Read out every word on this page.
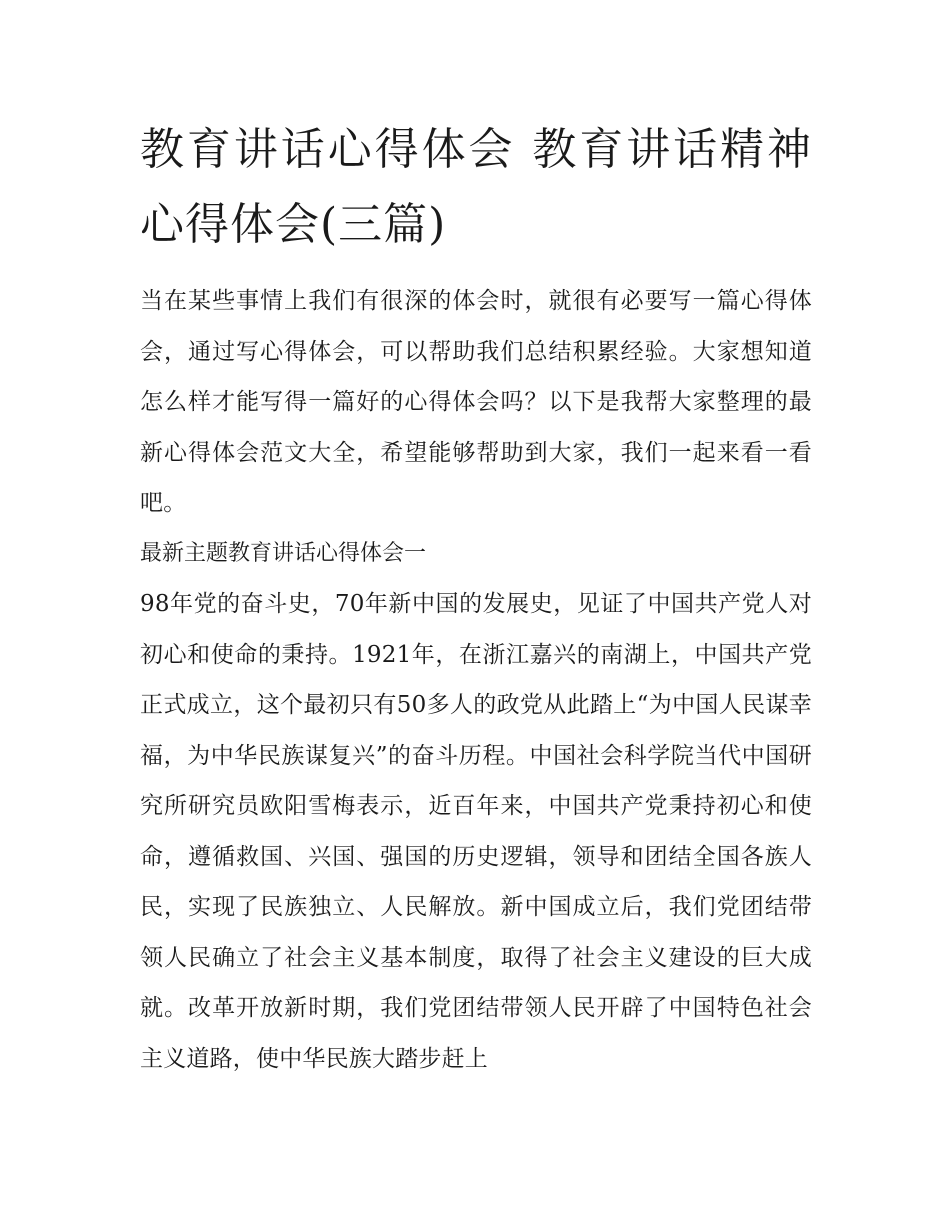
教育讲话心得体会 教育讲话精神心得体会(三篇)

当在某些事情上我们有很深的体会时，就很有必要写一篇心得体会，通过写心得体会，可以帮助我们总结积累经验。大家想知道怎么样才能写得一篇好的心得体会吗？以下是我帮大家整理的最新心得体会范文大全，希望能够帮助到大家，我们一起来看一看吧。

最新主题教育讲话心得体会一

98年党的奋斗史，70年新中国的发展史，见证了中国共产党人对初心和使命的秉持。1921年，在浙江嘉兴的南湖上，中国共产党正式成立，这个最初只有50多人的政党从此踏上“为中国人民谋幸福，为中华民族谋复兴”的奋斗历程。中国社会科学院当代中国研究所研究员欧阳雪梅表示，近百年来，中国共产党秉持初心和使命，遵循救国、兴国、强国的历史逻辑，领导和团结全国各族人民，实现了民族独立、人民解放。新中国成立后，我们党团结带领人民确立了社会主义基本制度，取得了社会主义建设的巨大成就。改革开放新时期，我们党团结带领人民开辟了中国特色社会主义道路，使中华民族大踏步赶上
